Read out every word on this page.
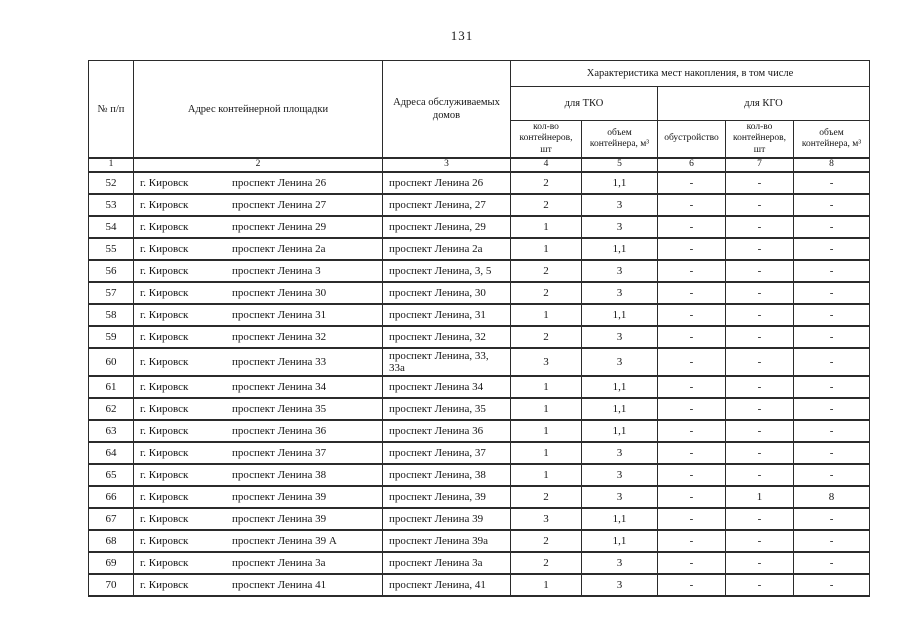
131
№ п/п	Адрес контейнерной площадки	Адреса обслуживаемых домов	Характеристика мест накопления, в том числе				
			для ТКО		для КГО		
			кол-во контейнеров, шт	объем контейнера, м³	обустройство	кол-во контейнеров, шт	объем контейнера, м³
1	2	3	4	5	6	7	8
52	г. Кировск проспект Ленина 26	проспект Ленина 26	2	1,1	-	-	-
53	г. Кировск проспект Ленина 27	проспект Ленина, 27	2	3	-	-	-
54	г. Кировск проспект Ленина 29	проспект Ленина, 29	1	3	-	-	-
55	г. Кировск проспект Ленина 2а	проспект Ленина 2а	1	1,1	-	-	-
56	г. Кировск проспект Ленина 3	проспект Ленина, 3, 5	2	3	-	-	-
57	г. Кировск проспект Ленина 30	проспект Ленина, 30	2	3	-	-	-
58	г. Кировск проспект Ленина 31	проспект Ленина, 31	1	1,1	-	-	-
59	г. Кировск проспект Ленина 32	проспект Ленина, 32	2	3	-	-	-
60	г. Кировск проспект Ленина 33	проспект Ленина, 33, 33а	3	3	-	-	-
61	г. Кировск проспект Ленина 34	проспект Ленина 34	1	1,1	-	-	-
62	г. Кировск проспект Ленина 35	проспект Ленина, 35	1	1,1	-	-	-
63	г. Кировск проспект Ленина 36	проспект Ленина 36	1	1,1	-	-	-
64	г. Кировск проспект Ленина 37	проспект Ленина, 37	1	3	-	-	-
65	г. Кировск проспект Ленина 38	проспект Ленина, 38	1	3	-	-	-
66	г. Кировск проспект Ленина 39	проспект Ленина, 39	2	3	-	1	8
67	г. Кировск проспект Ленина 39	проспект Ленина 39	3	1,1	-	-	-
68	г. Кировск проспект Ленина 39 А	проспект Ленина 39а	2	1,1	-	-	-
69	г. Кировск проспект Ленина 3а	проспект Ленина 3а	2	3	-	-	-
70	г. Кировск проспект Ленина 41	проспект Ленина, 41	1	3	-	-	-
